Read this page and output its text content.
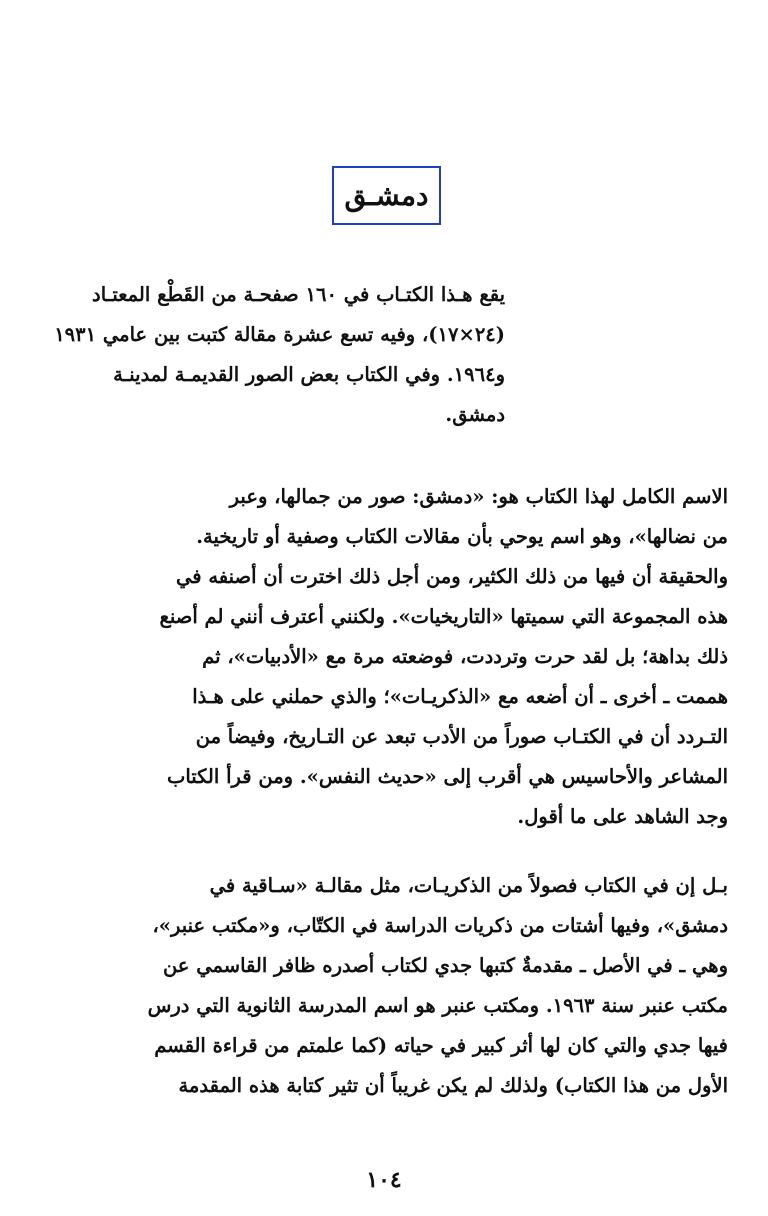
دمشـق
يقع هـذا الكتـاب في ١٦٠ صفحـة من القَطْع المعتـاد
(٢٤×١٧)، وفيه تسع عشرة مقالة كتبت بين عامي ١٩٣١
و١٩٦٤. وفي الكتاب بعض الصور القديمـة لمدينـة
دمشق.
الاسم الكامل لهذا الكتاب هو: «دمشق: صور من جمالها، وعبر
من نضالها»، وهو اسم يوحي بأن مقالات الكتاب وصفية أو تاريخية.
والحقيقة أن فيها من ذلك الكثير، ومن أجل ذلك اخترت أن أصنفه في
هذه المجموعة التي سميتها «التاريخيات». ولكنني أعترف أنني لم أصنع
ذلك بداهة؛ بل لقد حرت وترددت، فوضعته مرة مع «الأدبيات»، ثم
هممت ـ أخرى ـ أن أضعه مع «الذكريـات»؛ والذي حملني على هـذا
التـردد أن في الكتـاب صوراً من الأدب تبعد عن التـاريخ، وفيضاً من
المشاعر والأحاسيس هي أقرب إلى «حديث النفس». ومن قرأ الكتاب
وجد الشاهد على ما أقول.
بـل إن في الكتاب فصولاً من الذكريـات، مثل مقالـة «سـاقية في
دمشق»، وفيها أشتات من ذكريات الدراسة في الكتّاب، و«مكتب عنبر»،
وهي ـ في الأصل ـ مقدمةٌ كتبها جدي لكتاب أصدره ظافر القاسمي عن
مكتب عنبر سنة ١٩٦٣. ومكتب عنبر هو اسم المدرسة الثانوية التي درس
فيها جدي والتي كان لها أثر كبير في حياته (كما علمتم من قراءة القسم
الأول من هذا الكتاب) ولذلك لم يكن غريباً أن تثير كتابة هذه المقدمة
١٠٤
